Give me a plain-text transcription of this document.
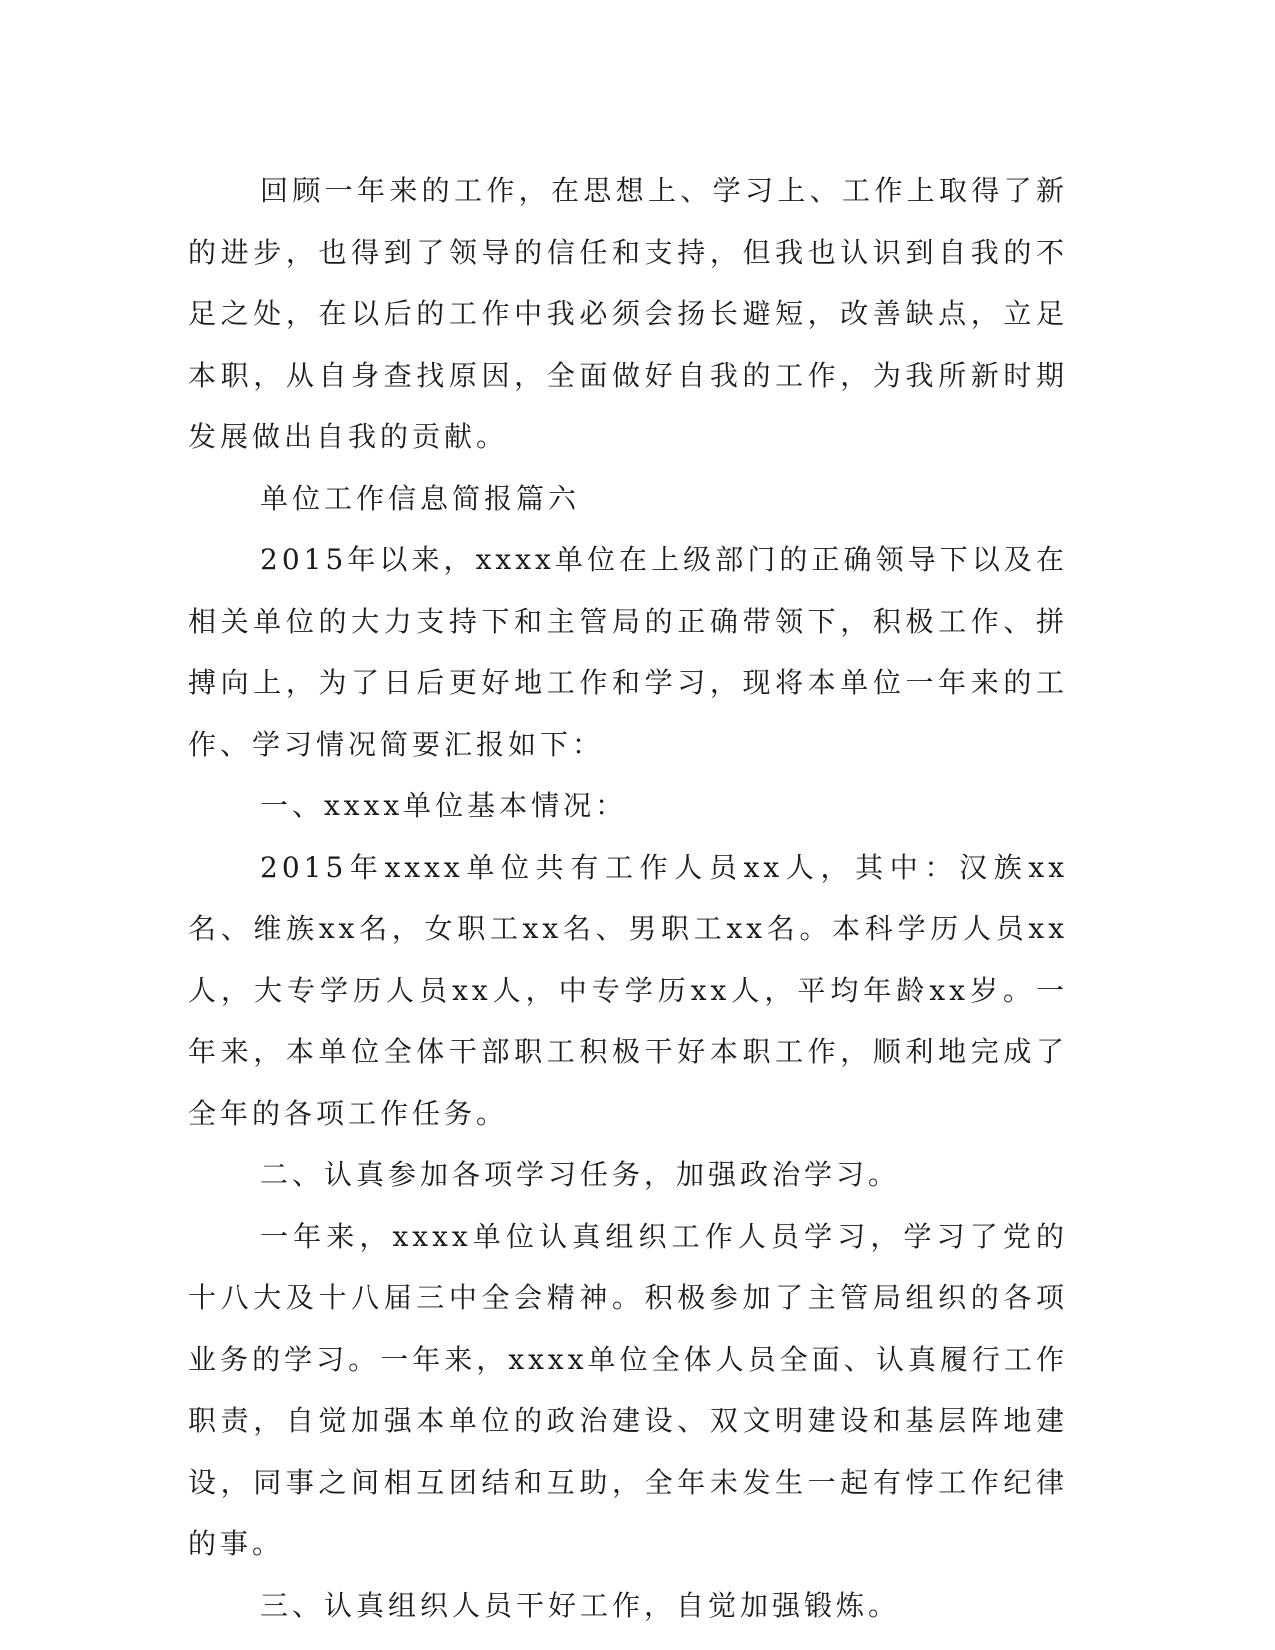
回顾一年来的工作，在思想上、学习上、工作上取得了新的进步，也得到了领导的信任和支持，但我也认识到自我的不足之处，在以后的工作中我必须会扬长避短，改善缺点，立足本职，从自身查找原因，全面做好自我的工作，为我所新时期发展做出自我的贡献。

单位工作信息简报篇六

2015年以来，xxxx单位在上级部门的正确领导下以及在相关单位的大力支持下和主管局的正确带领下，积极工作、拼搏向上，为了日后更好地工作和学习，现将本单位一年来的工作、学习情况简要汇报如下：

一、xxxx单位基本情况：

2015年xxxx单位共有工作人员xx人，其中：汉族xx名、维族xx名，女职工xx名、男职工xx名。本科学历人员xx人，大专学历人员xx人，中专学历xx人，平均年龄xx岁。一年来，本单位全体干部职工积极干好本职工作，顺利地完成了全年的各项工作任务。

二、认真参加各项学习任务，加强政治学习。

一年来，xxxx单位认真组织工作人员学习，学习了党的十八大及十八届三中全会精神。积极参加了主管局组织的各项业务的学习。一年来，xxxx单位全体人员全面、认真履行工作职责，自觉加强本单位的政治建设、双文明建设和基层阵地建设，同事之间相互团结和互助，全年未发生一起有悖工作纪律的事。

三、认真组织人员干好工作，自觉加强锻炼。
